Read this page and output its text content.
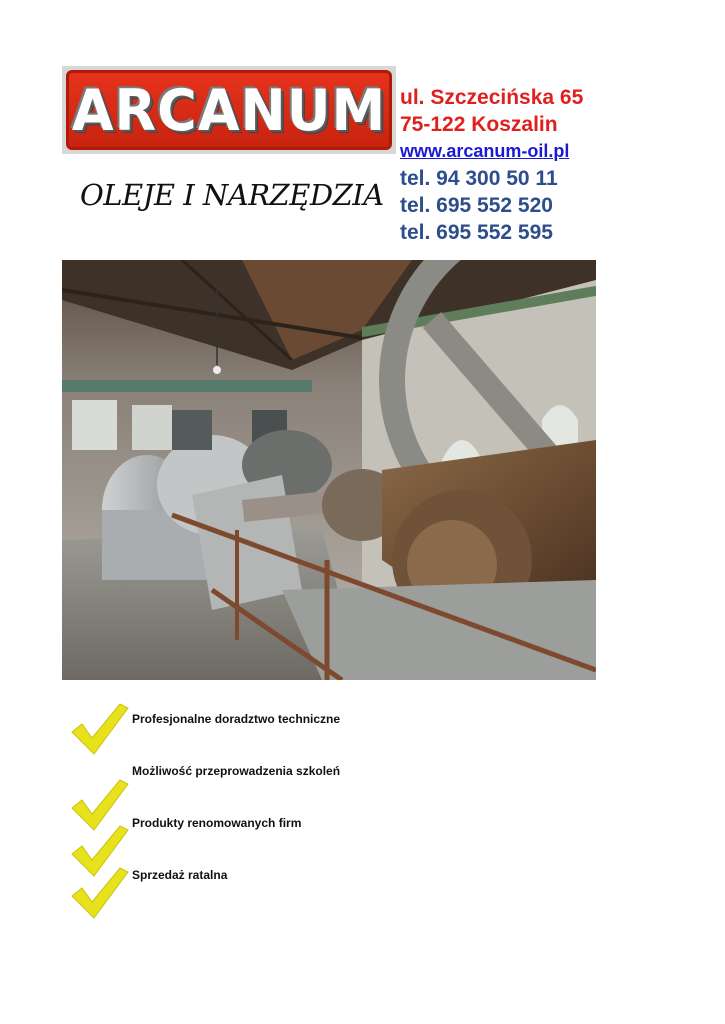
ARCANUM
OLEJE I NARZĘDZIA
ul. Szczecińska 65
75-122 Koszalin
www.arcanum-oil.pl
tel. 94 300 50 11
tel. 695 552 520
tel. 695 552 595
Profesjonalne doradztwo techniczne
Możliwość przeprowadzenia szkoleń
Produkty renomowanych firm
Sprzedaż ratalna
